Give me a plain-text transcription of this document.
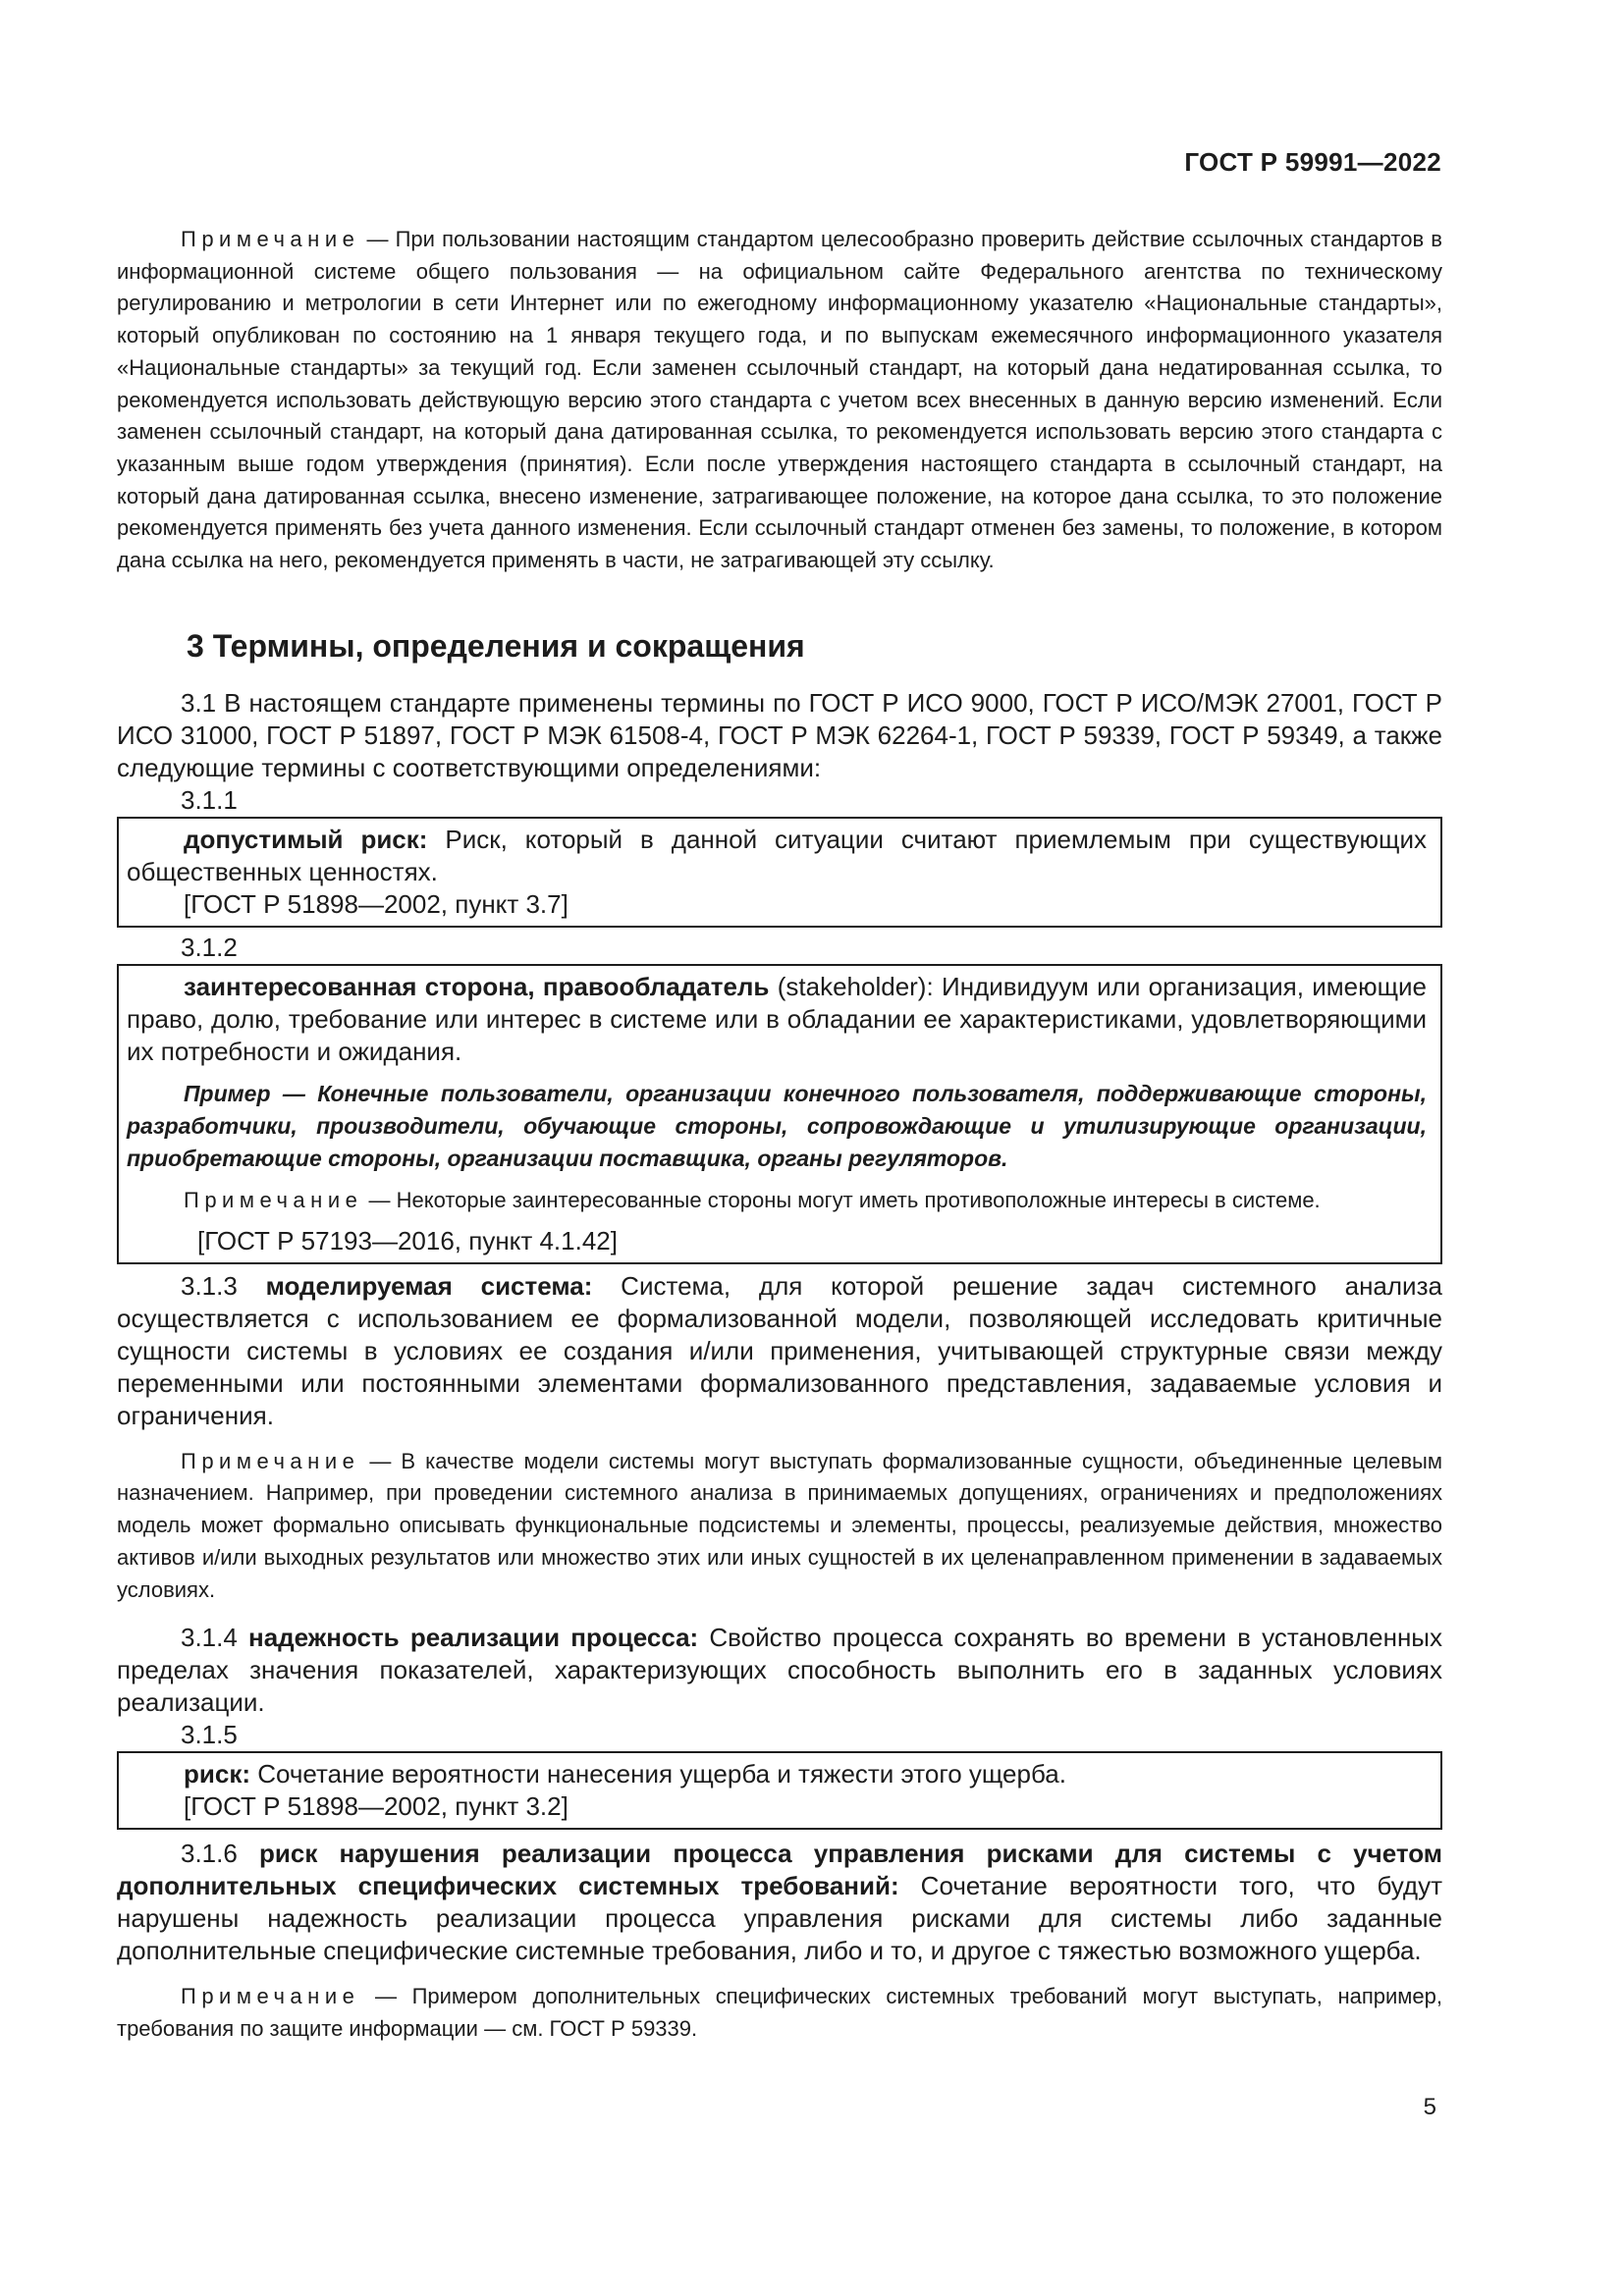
ГОСТ Р 59991—2022

Примечание — При пользовании настоящим стандартом целесообразно проверить действие ссылочных стандартов в информационной системе общего пользования — на официальном сайте Федерального агентства по техническому регулированию и метрологии в сети Интернет или по ежегодному информационному указателю «Национальные стандарты», который опубликован по состоянию на 1 января текущего года, и по выпускам ежемесячного информационного указателя «Национальные стандарты» за текущий год. Если заменен ссылочный стандарт, на который дана недатированная ссылка, то рекомендуется использовать действующую версию этого стандарта с учетом всех внесенных в данную версию изменений. Если заменен ссылочный стандарт, на который дана датированная ссылка, то рекомендуется использовать версию этого стандарта с указанным выше годом утверждения (принятия). Если после утверждения настоящего стандарта в ссылочный стандарт, на который дана датированная ссылка, внесено изменение, затрагивающее положение, на которое дана ссылка, то это положение рекомендуется применять без учета данного изменения. Если ссылочный стандарт отменен без замены, то положение, в котором дана ссылка на него, рекомендуется применять в части, не затрагивающей эту ссылку.

3 Термины, определения и сокращения

3.1 В настоящем стандарте применены термины по ГОСТ Р ИСО 9000, ГОСТ Р ИСО/МЭК 27001, ГОСТ Р ИСО 31000, ГОСТ Р 51897, ГОСТ Р МЭК 61508-4, ГОСТ Р МЭК 62264-1, ГОСТ Р 59339, ГОСТ Р 59349, а также следующие термины с соответствующими определениями:

3.1.1

допустимый риск: Риск, который в данной ситуации считают приемлемым при существующих общественных ценностях.

[ГОСТ Р 51898—2002, пункт 3.7]

3.1.2

заинтересованная сторона, правообладатель (stakeholder): Индивидуум или организация, имеющие право, долю, требование или интерес в системе или в обладании ее характеристиками, удовлетворяющими их потребности и ожидания.

Пример — Конечные пользователи, организации конечного пользователя, поддерживающие стороны, разработчики, производители, обучающие стороны, сопровождающие и утилизирующие организации, приобретающие стороны, организации поставщика, органы регуляторов.

Примечание — Некоторые заинтересованные стороны могут иметь противоположные интересы в системе.

[ГОСТ Р 57193—2016, пункт 4.1.42]

3.1.3 моделируемая система: Система, для которой решение задач системного анализа осуществляется с использованием ее формализованной модели, позволяющей исследовать критичные сущности системы в условиях ее создания и/или применения, учитывающей структурные связи между переменными или постоянными элементами формализованного представления, задаваемые условия и ограничения.

Примечание — В качестве модели системы могут выступать формализованные сущности, объединенные целевым назначением. Например, при проведении системного анализа в принимаемых допущениях, ограничениях и предположениях модель может формально описывать функциональные подсистемы и элементы, процессы, реализуемые действия, множество активов и/или выходных результатов или множество этих или иных сущностей в их целенаправленном применении в задаваемых условиях.

3.1.4 надежность реализации процесса: Свойство процесса сохранять во времени в установленных пределах значения показателей, характеризующих способность выполнить его в заданных условиях реализации.

3.1.5

риск: Сочетание вероятности нанесения ущерба и тяжести этого ущерба.

[ГОСТ Р 51898—2002, пункт 3.2]

3.1.6 риск нарушения реализации процесса управления рисками для системы с учетом дополнительных специфических системных требований: Сочетание вероятности того, что будут нарушены надежность реализации процесса управления рисками для системы либо заданные дополнительные специфические системные требования, либо и то, и другое с тяжестью возможного ущерба.

Примечание — Примером дополнительных специфических системных требований могут выступать, например, требования по защите информации — см. ГОСТ Р 59339.

5
